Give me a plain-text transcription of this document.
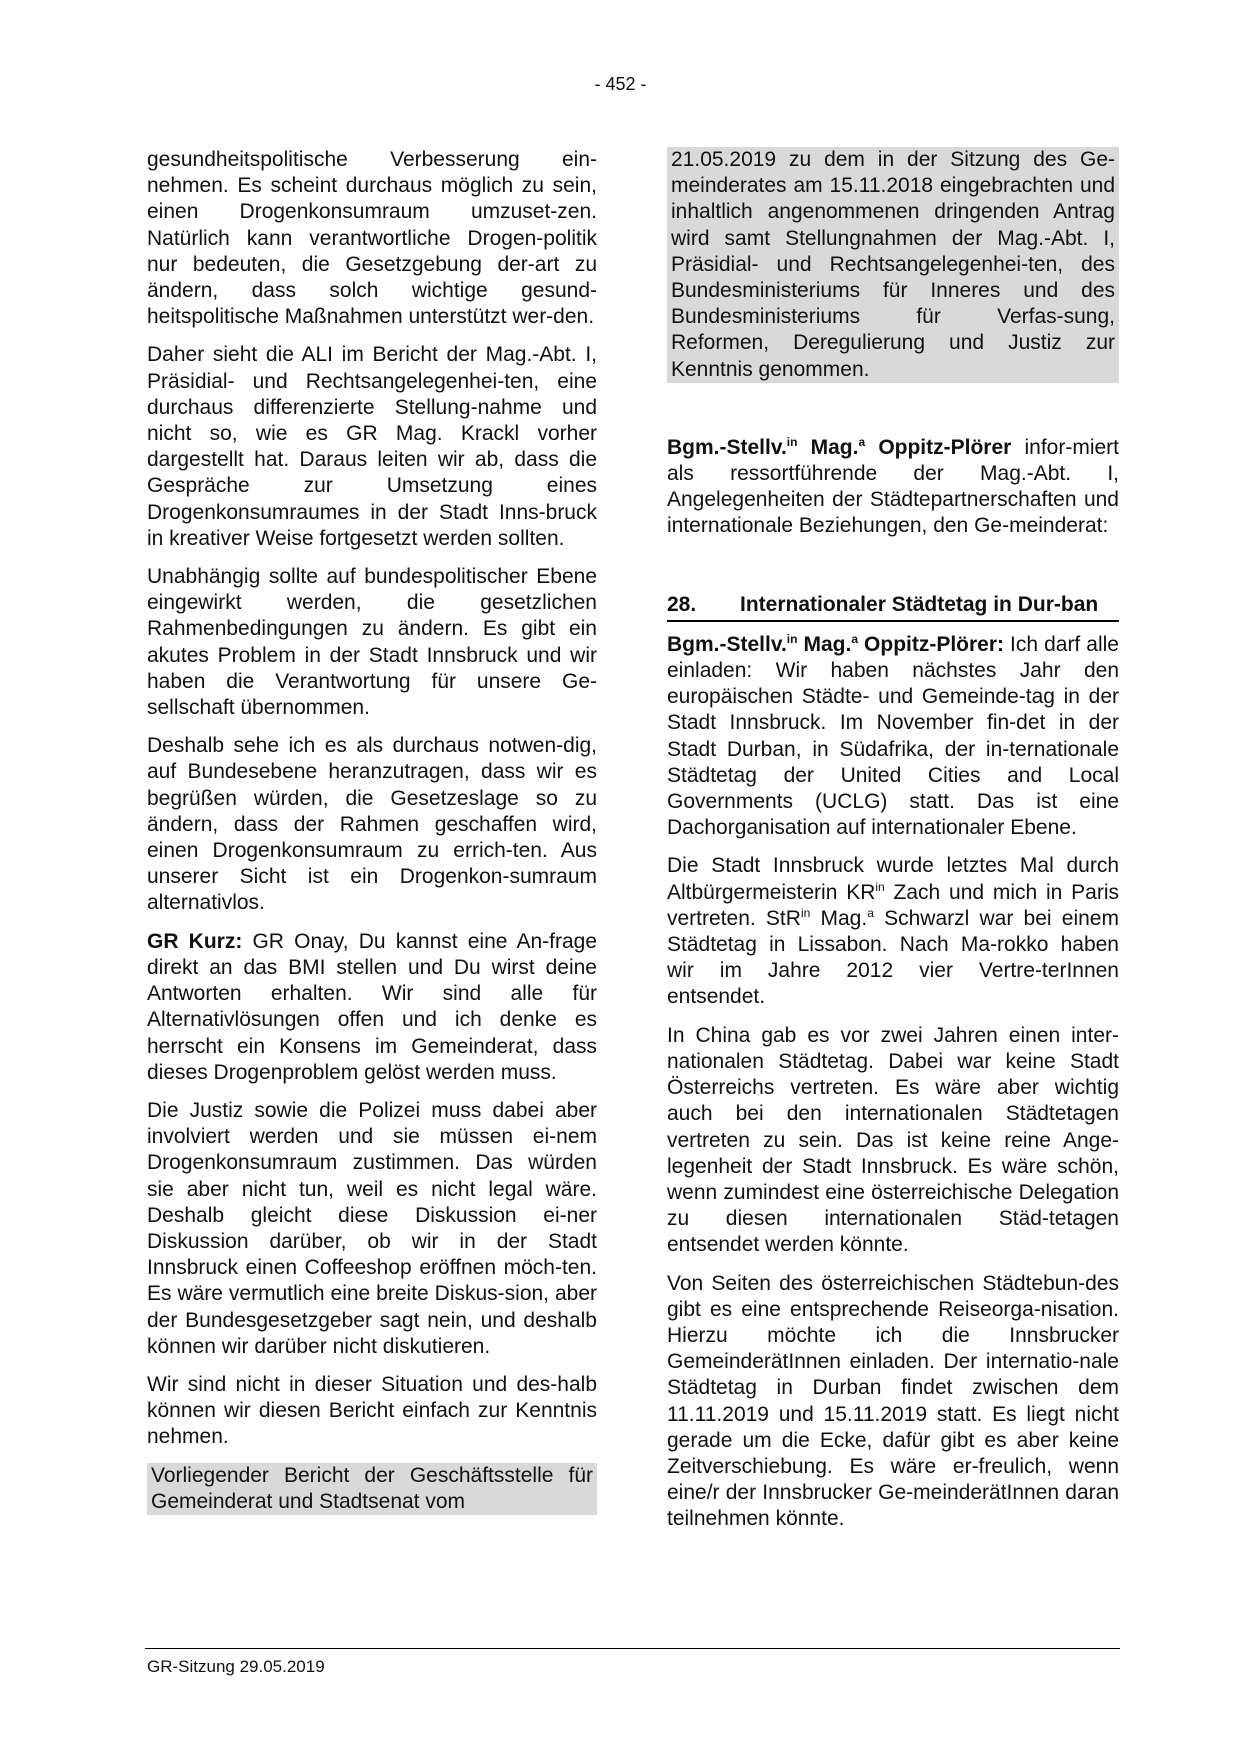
- 452 -

gesundheitspolitische Verbesserung ein-nehmen. Es scheint durchaus möglich zu sein, einen Drogenkonsumraum umzuset-zen. Natürlich kann verantwortliche Drogen-politik nur bedeuten, die Gesetzgebung der-art zu ändern, dass solch wichtige gesund-heitspolitische Maßnahmen unterstützt wer-den.

Daher sieht die ALI im Bericht der Mag.-Abt. I, Präsidial- und Rechtsangelegenhei-ten, eine durchaus differenzierte Stellung-nahme und nicht so, wie es GR Mag. Krackl vorher dargestellt hat. Daraus leiten wir ab, dass die Gespräche zur Umsetzung eines Drogenkonsumraumes in der Stadt Inns-bruck in kreativer Weise fortgesetzt werden sollten.

Unabhängig sollte auf bundespolitischer Ebene eingewirkt werden, die gesetzlichen Rahmenbedingungen zu ändern. Es gibt ein akutes Problem in der Stadt Innsbruck und wir haben die Verantwortung für unsere Ge-sellschaft übernommen.

Deshalb sehe ich es als durchaus notwen-dig, auf Bundesebene heranzutragen, dass wir es begrüßen würden, die Gesetzeslage so zu ändern, dass der Rahmen geschaffen wird, einen Drogenkonsumraum zu errich-ten. Aus unserer Sicht ist ein Drogenkon-sumraum alternativlos.

GR Kurz: GR Onay, Du kannst eine An-frage direkt an das BMI stellen und Du wirst deine Antworten erhalten. Wir sind alle für Alternativlösungen offen und ich denke es herrscht ein Konsens im Gemeinderat, dass dieses Drogenproblem gelöst werden muss.

Die Justiz sowie die Polizei muss dabei aber involviert werden und sie müssen ei-nem Drogenkonsumraum zustimmen. Das würden sie aber nicht tun, weil es nicht legal wäre. Deshalb gleicht diese Diskussion ei-ner Diskussion darüber, ob wir in der Stadt Innsbruck einen Coffeeshop eröffnen möch-ten. Es wäre vermutlich eine breite Diskus-sion, aber der Bundesgesetzgeber sagt nein, und deshalb können wir darüber nicht diskutieren.

Wir sind nicht in dieser Situation und des-halb können wir diesen Bericht einfach zur Kenntnis nehmen.

Vorliegender Bericht der Geschäftsstelle für Gemeinderat und Stadtsenat vom

21.05.2019 zu dem in der Sitzung des Ge-meinderates am 15.11.2018 eingebrachten und inhaltlich angenommenen dringenden Antrag wird samt Stellungnahmen der Mag.-Abt. I, Präsidial- und Rechtsangelegenhei-ten, des Bundesministeriums für Inneres und des Bundesministeriums für Verfas-sung, Reformen, Deregulierung und Justiz zur Kenntnis genommen.

Bgm.-Stellv.$^{in}$ Mag.$^a$ Oppitz-Plörer infor-miert als ressortführende der Mag.-Abt. I, Angelegenheiten der Städtepartnerschaften und internationale Beziehungen, den Ge-meinderat:

28.	Internationaler Städtetag in Dur-ban

Bgm.-Stellv.$^{in}$ Mag.$^a$ Oppitz-Plörer: Ich darf alle einladen: Wir haben nächstes Jahr den europäischen Städte- und Gemeinde-tag in der Stadt Innsbruck. Im November fin-det in der Stadt Durban, in Südafrika, der in-ternationale Städtetag der United Cities and Local Governments (UCLG) statt. Das ist eine Dachorganisation auf internationaler Ebene.

Die Stadt Innsbruck wurde letztes Mal durch Altbürgermeisterin $KR^{in}$ Zach und mich in Paris vertreten. StR$^{in}$ Mag.$^a$ Schwarzl war bei einem Städtetag in Lissabon. Nach Ma-rokko haben wir im Jahre 2012 vier Vertre-terInnen entsendet.

In China gab es vor zwei Jahren einen inter-nationalen Städtetag. Dabei war keine Stadt Österreichs vertreten. Es wäre aber wichtig auch bei den internationalen Städtetagen vertreten zu sein. Das ist keine reine Ange-legenheit der Stadt Innsbruck. Es wäre schön, wenn zumindest eine österreichische Delegation zu diesen internationalen Städ-tetagen entsendet werden könnte.

Von Seiten des österreichischen Städtebun-des gibt es eine entsprechende Reiseorga-nisation. Hierzu möchte ich die Innsbrucker GemeinderätInnen einladen. Der internatio-nale Städtetag in Durban findet zwischen dem 11.11.2019 und 15.11.2019 statt. Es liegt nicht gerade um die Ecke, dafür gibt es aber keine Zeitverschiebung. Es wäre er-freulich, wenn eine/r der Innsbrucker Ge-meinderätInnen daran teilnehmen könnte.

GR-Sitzung 29.05.2019
